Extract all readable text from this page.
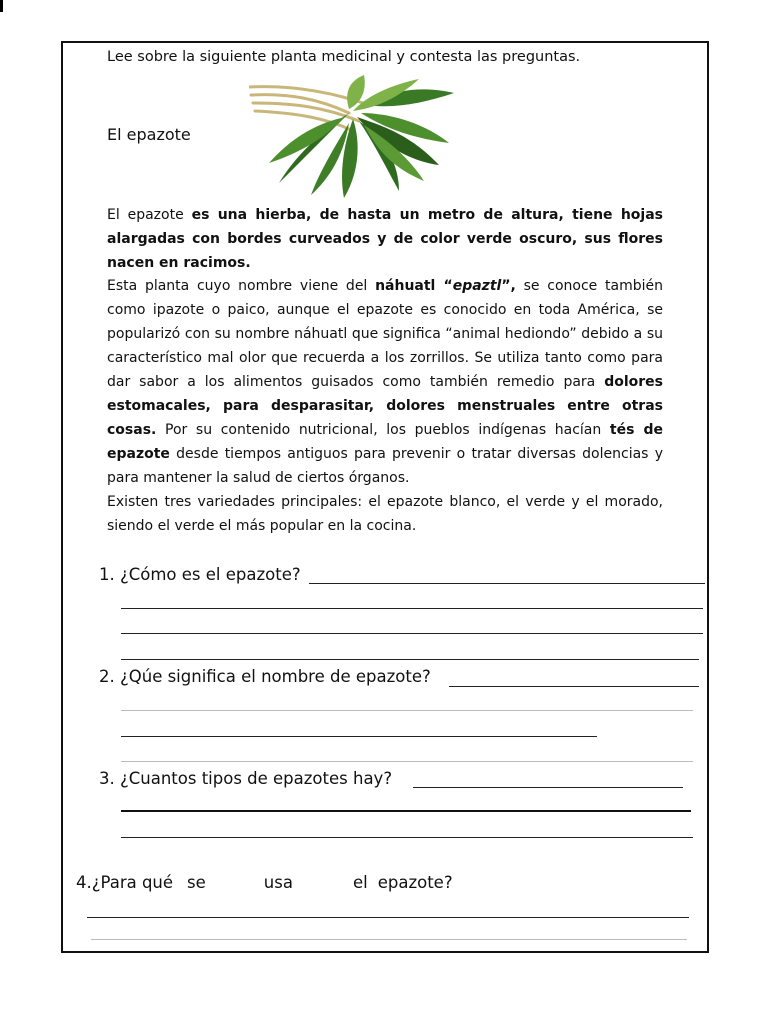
Lee sobre la siguiente planta medicinal y contesta las preguntas.
El epazote
El epazote es una hierba, de hasta un metro de altura, tiene hojas alargadas con bordes curveados y de color verde oscuro, sus flores nacen en racimos.
Esta planta cuyo nombre viene del náhuatl “epaztl”, se conoce también como ipazote o paico, aunque el epazote es conocido en toda América, se popularizó con su nombre náhuatl que significa “animal hediondo” debido a su característico mal olor que recuerda a los zorrillos. Se utiliza tanto como para dar sabor a los alimentos guisados como también remedio para dolores estomacales, para desparasitar, dolores menstruales entre otras cosas. Por su contenido nutricional, los pueblos indígenas hacían tés de epazote desde tiempos antiguos para prevenir o tratar diversas dolencias y para mantener la salud de ciertos órganos.
Existen tres variedades principales: el epazote blanco, el verde y el morado, siendo el verde el más popular en la cocina.
1. ¿Cómo es el epazote?
2. ¿Qúe significa el nombre de epazote?
3. ¿Cuantos tipos de epazotes hay?
4.¿Para qué se	usa	el epazote?
